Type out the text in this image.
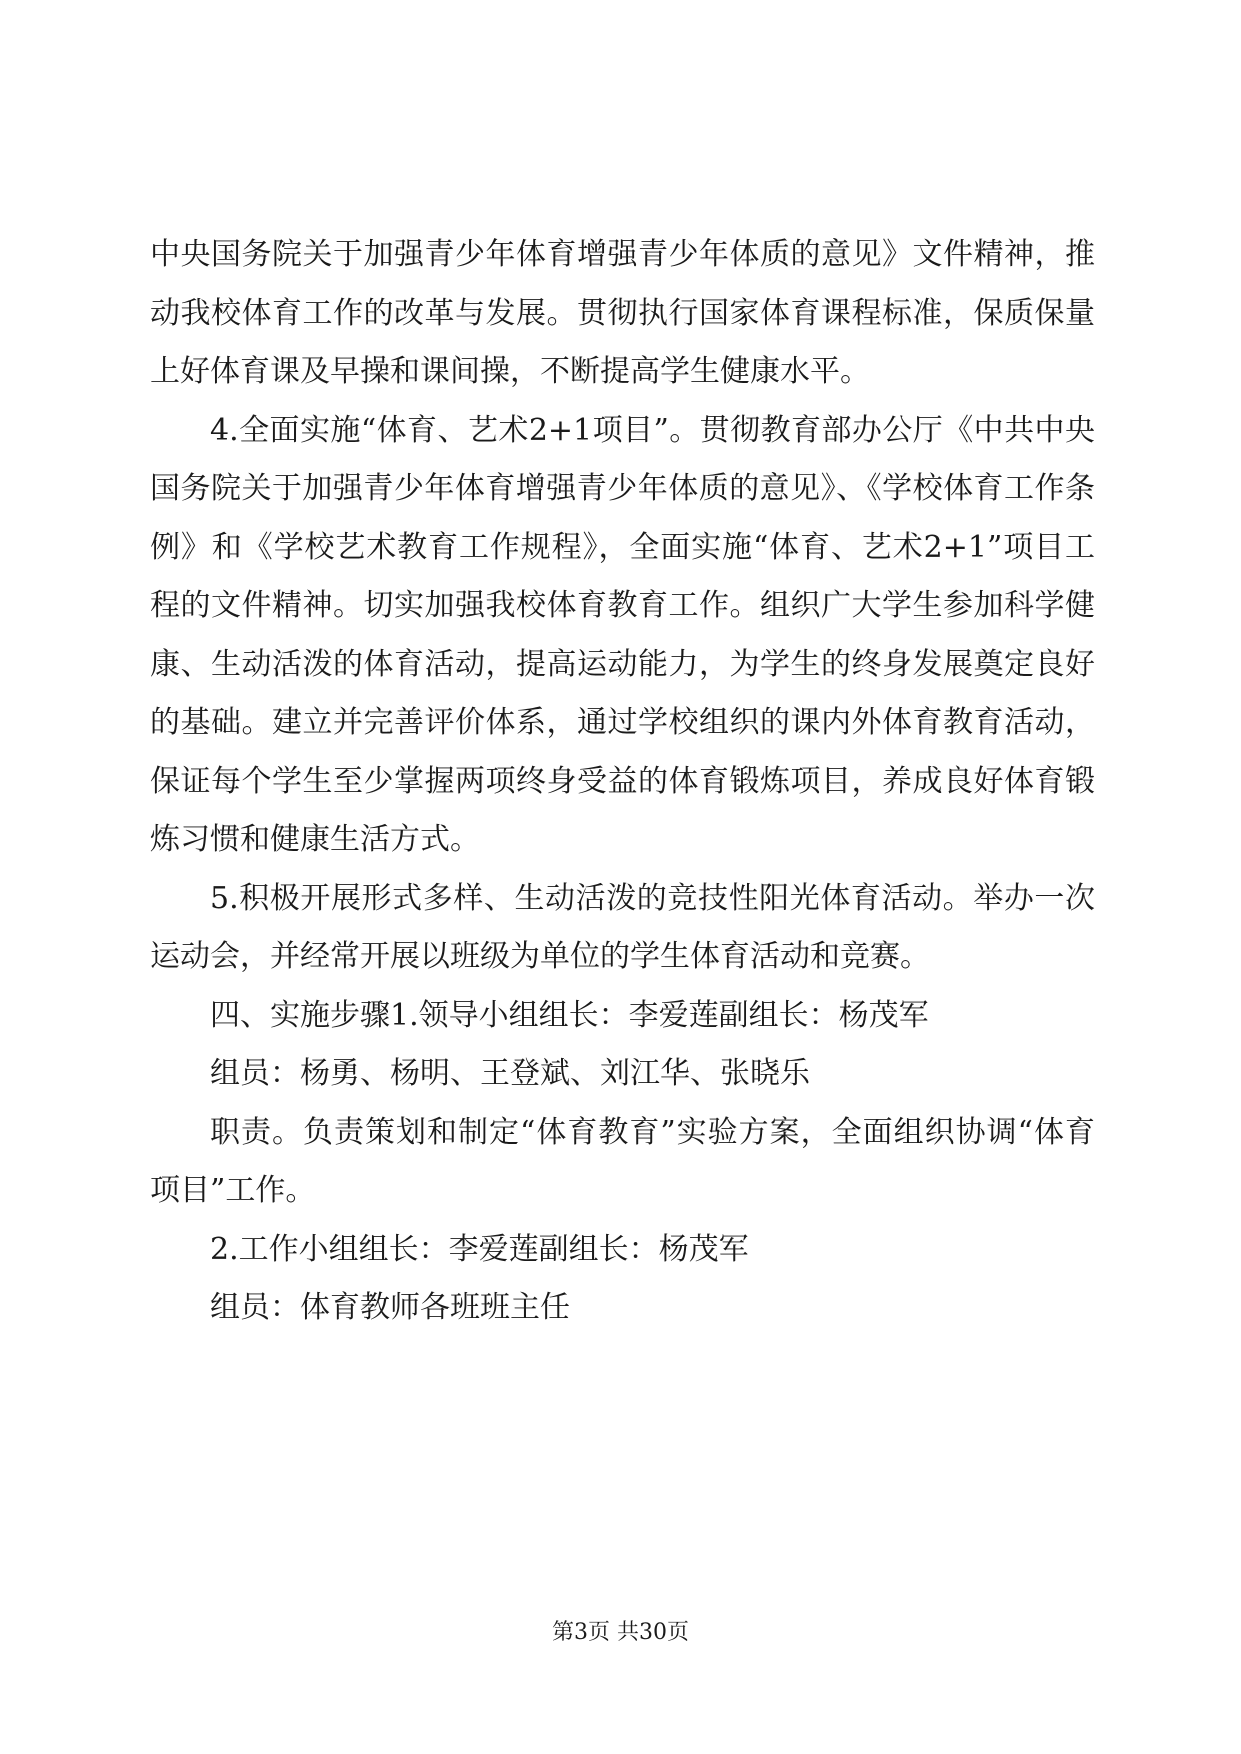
中央国务院关于加强青少年体育增强青少年体质的意见》文件精神，推动我校体育工作的改革与发展。贯彻执行国家体育课程标准，保质保量上好体育课及早操和课间操，不断提高学生健康水平。

4.全面实施“体育、艺术2+1项目”。贯彻教育部办公厅《中共中央国务院关于加强青少年体育增强青少年体质的意见》、《学校体育工作条例》和《学校艺术教育工作规程》，全面实施“体育、艺术2+1”项目工程的文件精神。切实加强我校体育教育工作。组织广大学生参加科学健康、生动活泼的体育活动，提高运动能力，为学生的终身发展奠定良好的基础。建立并完善评价体系，通过学校组织的课内外体育教育活动，保证每个学生至少掌握两项终身受益的体育锻炼项目，养成良好体育锻炼习惯和健康生活方式。

5.积极开展形式多样、生动活泼的竞技性阳光体育活动。举办一次运动会，并经常开展以班级为单位的学生体育活动和竞赛。

四、实施步骤1.领导小组组长：李爱莲副组长：杨茂军

组员：杨勇、杨明、王登斌、刘江华、张晓乐

职责。负责策划和制定“体育教育”实验方案，全面组织协调“体育项目”工作。

2.工作小组组长：李爱莲副组长：杨茂军

组员：体育教师各班班主任

第3页 共30页
